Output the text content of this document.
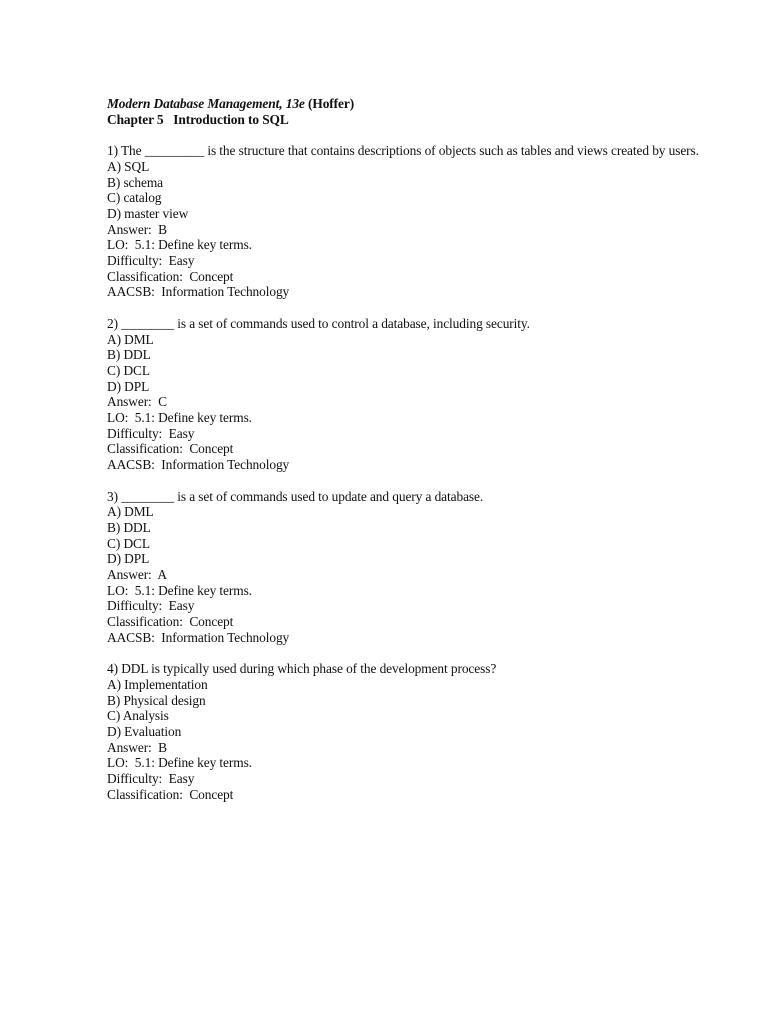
Modern Database Management, 13e (Hoffer)
Chapter 5 Introduction to SQL
1) The _________ is the structure that contains descriptions of objects such as tables and views created by users.
A) SQL
B) schema
C) catalog
D) master view
Answer:  B
LO:  5.1: Define key terms.
Difficulty:  Easy
Classification:  Concept
AACSB:  Information Technology
2) ________ is a set of commands used to control a database, including security.
A) DML
B) DDL
C) DCL
D) DPL
Answer:  C
LO:  5.1: Define key terms.
Difficulty:  Easy
Classification:  Concept
AACSB:  Information Technology
3) ________ is a set of commands used to update and query a database.
A) DML
B) DDL
C) DCL
D) DPL
Answer:  A
LO:  5.1: Define key terms.
Difficulty:  Easy
Classification:  Concept
AACSB:  Information Technology
4) DDL is typically used during which phase of the development process?
A) Implementation
B) Physical design
C) Analysis
D) Evaluation
Answer:  B
LO:  5.1: Define key terms.
Difficulty:  Easy
Classification:  Concept
